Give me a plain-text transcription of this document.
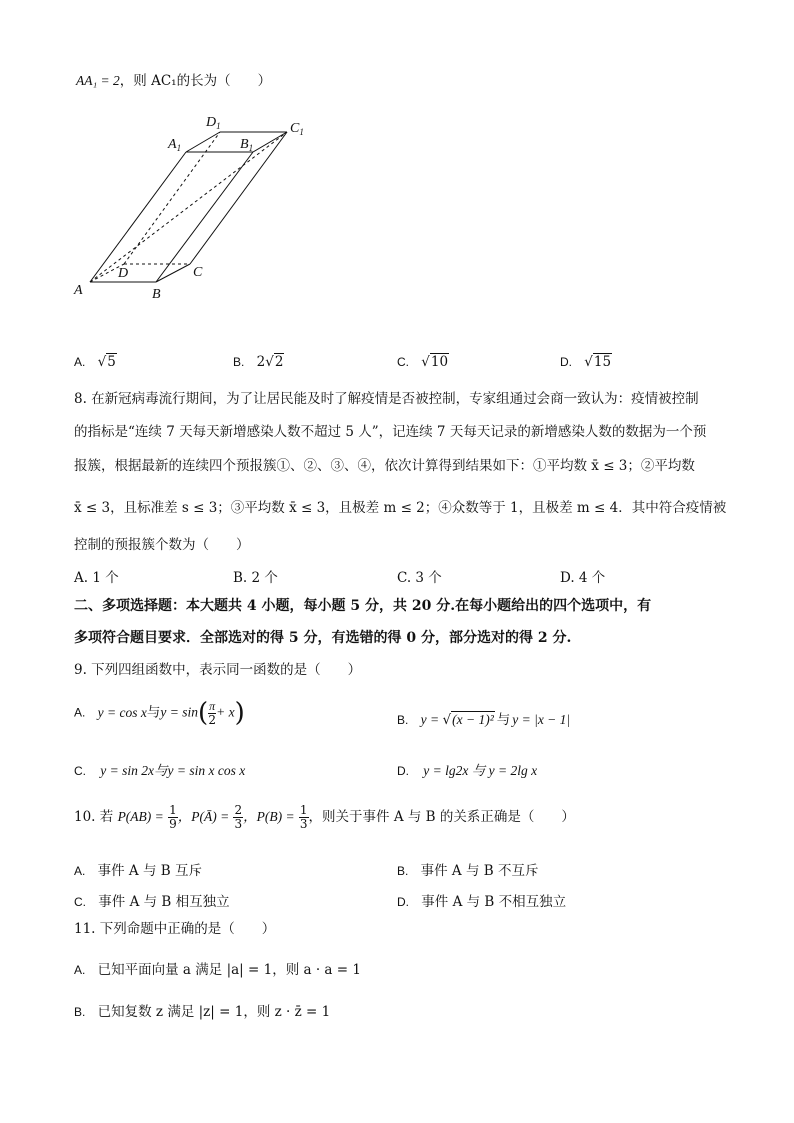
AA₁ = 2，则 AC₁的长为（　　）
$A_1$
$D_1$	$C_1$
$B_1$
A	B
C
D
A. √5	B. 2√2	C. √10	D. √15
8. 在新冠病毒流行期间，为了让居民能及时了解疫情是否被控制，专家组通过会商一致认为：疫情被控制
的指标是“连续 7 天每天新增感染人数不超过 5 人”，记连续 7 天每天记录的新增感染人数的数据为一个预
报簇，根据最新的连续四个预报簇①、②、③、④，依次计算得到结果如下：①平均数 x̄ ≤ 3；②平均数
x̄ ≤ 3，且标准差 s ≤ 3；③平均数 x̄ ≤ 3，且极差 m ≤ 2；④众数等于 1，且极差 m ≤ 4．其中符合疫情被
控制的预报簇个数为（　　）
A. 1 个	B. 2 个	C. 3 个	D. 4 个
二、多项选择题：本大题共 4 小题，每小题 5 分，共 20 分.在每小题给出的四个选项中，有
多项符合题目要求．全部选对的得 5 分，有选错的得 0 分，部分选对的得 2 分.
9. 下列四组函数中，表示同一函数的是（　　）
A. y = cos x与$y = \sin( \frac{\pi}{2} + x)$	B. y = √(x − 1)² 与 y = |x − 1|
C. y = sin 2x与y = sin x cos x	D. y = lg2x 与 y = 2lg x
10. 若 $P(AB) = \frac{1}{9}$ ，P(Ā) = $\frac{2}{3}$ ，$P(B) = \frac{1}{3}$ ，则关于事件 A 与 B 的关系正确是（　　）
A. 事件 A 与 B 互斥	B. 事件 A 与 B 不互斥
C. 事件 A 与 B 相互独立	D. 事件 A 与 B 不相互独立
11. 下列命题中正确的是（　　）
A. 已知平面向量 a 满足 |a| = 1，则 a · a = 1
B. 已知复数 z 满足 |z| = 1，则 z · z̄ = 1
